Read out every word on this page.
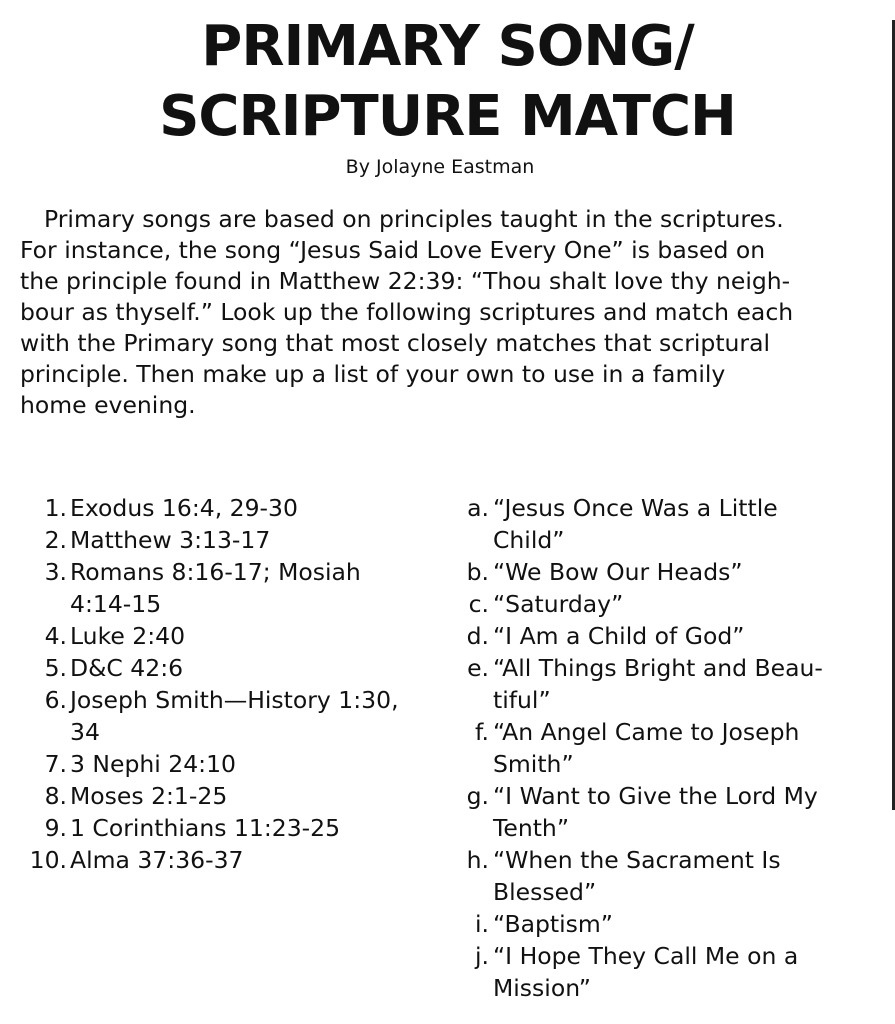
PRIMARY SONG/
SCRIPTURE MATCH
By Jolayne Eastman
Primary songs are based on principles taught in the scriptures.
For instance, the song “Jesus Said Love Every One” is based on
the principle found in Matthew 22:39: “Thou shalt love thy neigh-
bour as thyself.” Look up the following scriptures and match each
with the Primary song that most closely matches that scriptural
principle. Then make up a list of your own to use in a family
home evening.
1. Exodus 16:4, 29-30
2. Matthew 3:13-17
3. Romans 8:16-17; Mosiah
4:14-15
4. Luke 2:40
5. D&C 42:6
6. Joseph Smith—History 1:30,
34
7. 3 Nephi 24:10
8. Moses 2:1-25
9. 1 Corinthians 11:23-25
10. Alma 37:36-37
a. “Jesus Once Was a Little
Child”
b. “We Bow Our Heads”
c. “Saturday”
d. “I Am a Child of God”
e. “All Things Bright and Beau-
tiful”
f. “An Angel Came to Joseph
Smith”
g. “I Want to Give the Lord My
Tenth”
h. “When the Sacrament Is
Blessed”
i. “Baptism”
j. “I Hope They Call Me on a
Mission”
